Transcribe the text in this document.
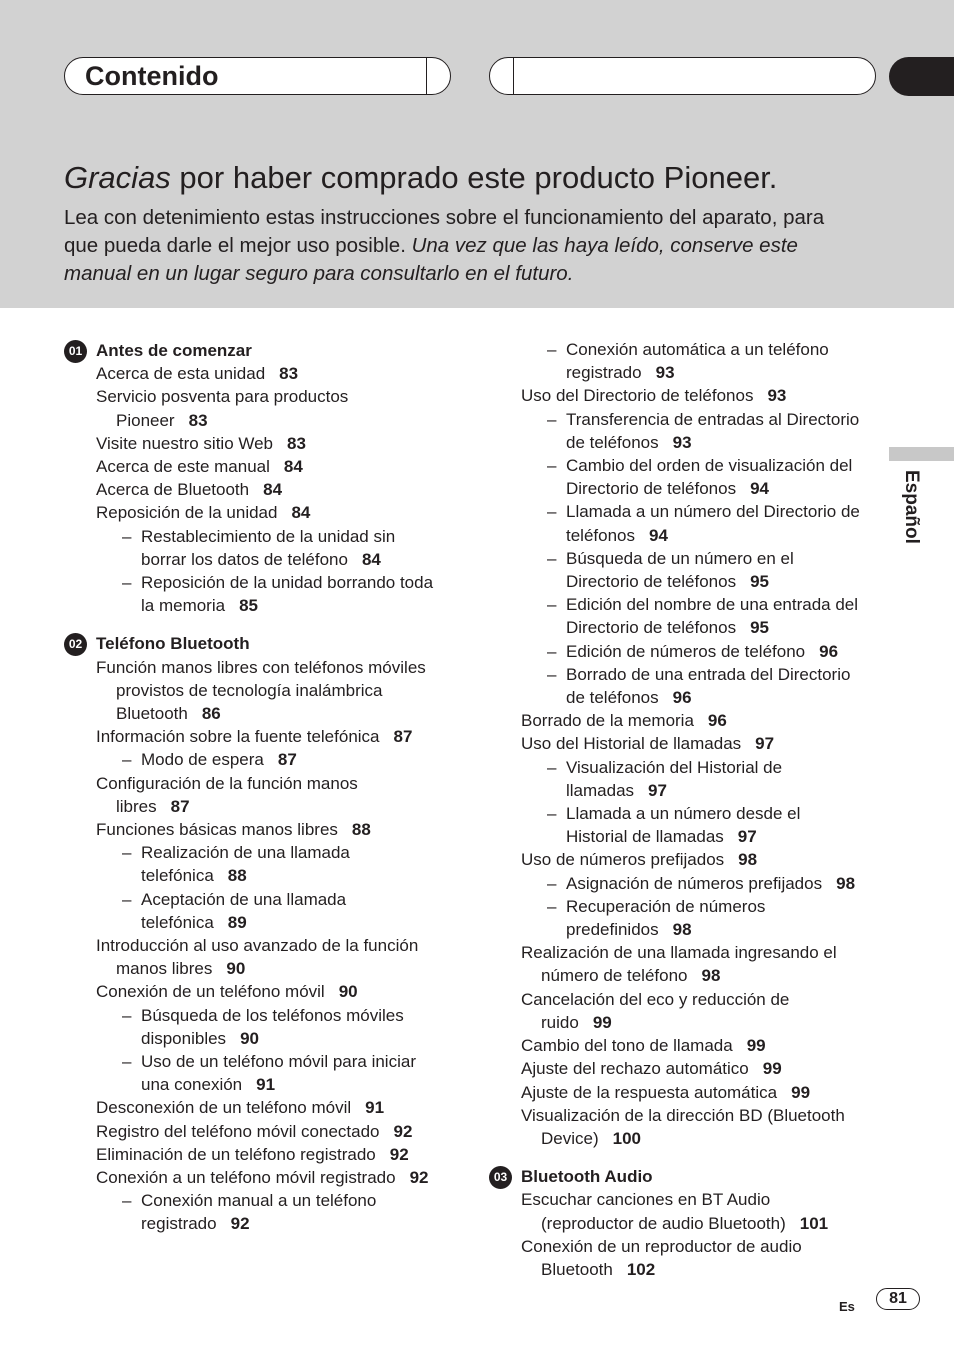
Contenido
Gracias por haber comprado este producto Pioneer.
Lea con detenimiento estas instrucciones sobre el funcionamiento del aparato, para que pueda darle el mejor uso posible. Una vez que las haya leído, conserve este manual en un lugar seguro para consultarlo en el futuro.
01 Antes de comenzar
Acerca de esta unidad 83
Servicio posventa para productos
Pioneer 83
Visite nuestro sitio Web 83
Acerca de este manual 84
Acerca de Bluetooth 84
Reposición de la unidad 84
– Restablecimiento de la unidad sin
borrar los datos de teléfono 84
– Reposición de la unidad borrando toda
la memoria 85
02 Teléfono Bluetooth
Función manos libres con teléfonos móviles
provistos de tecnología inalámbrica
Bluetooth 86
Información sobre la fuente telefónica 87
– Modo de espera 87
Configuración de la función manos
libres 87
Funciones básicas manos libres 88
– Realización de una llamada
telefónica 88
– Aceptación de una llamada
telefónica 89
Introducción al uso avanzado de la función
manos libres 90
Conexión de un teléfono móvil 90
– Búsqueda de los teléfonos móviles
disponibles 90
– Uso de un teléfono móvil para iniciar
una conexión 91
Desconexión de un teléfono móvil 91
Registro del teléfono móvil conectado 92
Eliminación de un teléfono registrado 92
Conexión a un teléfono móvil registrado 92
– Conexión manual a un teléfono
registrado 92
– Conexión automática a un teléfono
registrado 93
Uso del Directorio de teléfonos 93
– Transferencia de entradas al Directorio
de teléfonos 93
– Cambio del orden de visualización del
Directorio de teléfonos 94
– Llamada a un número del Directorio de
teléfonos 94
– Búsqueda de un número en el
Directorio de teléfonos 95
– Edición del nombre de una entrada del
Directorio de teléfonos 95
– Edición de números de teléfono 96
– Borrado de una entrada del Directorio
de teléfonos 96
Borrado de la memoria 96
Uso del Historial de llamadas 97
– Visualización del Historial de
llamadas 97
– Llamada a un número desde el
Historial de llamadas 97
Uso de números prefijados 98
– Asignación de números prefijados 98
– Recuperación de números
predefinidos 98
Realización de una llamada ingresando el
número de teléfono 98
Cancelación del eco y reducción de
ruido 99
Cambio del tono de llamada 99
Ajuste del rechazo automático 99
Ajuste de la respuesta automática 99
Visualización de la dirección BD (Bluetooth
Device) 100
03 Bluetooth Audio
Escuchar canciones en BT Audio
(reproductor de audio Bluetooth) 101
Conexión de un reproductor de audio
Bluetooth 102
Español
Es	81
